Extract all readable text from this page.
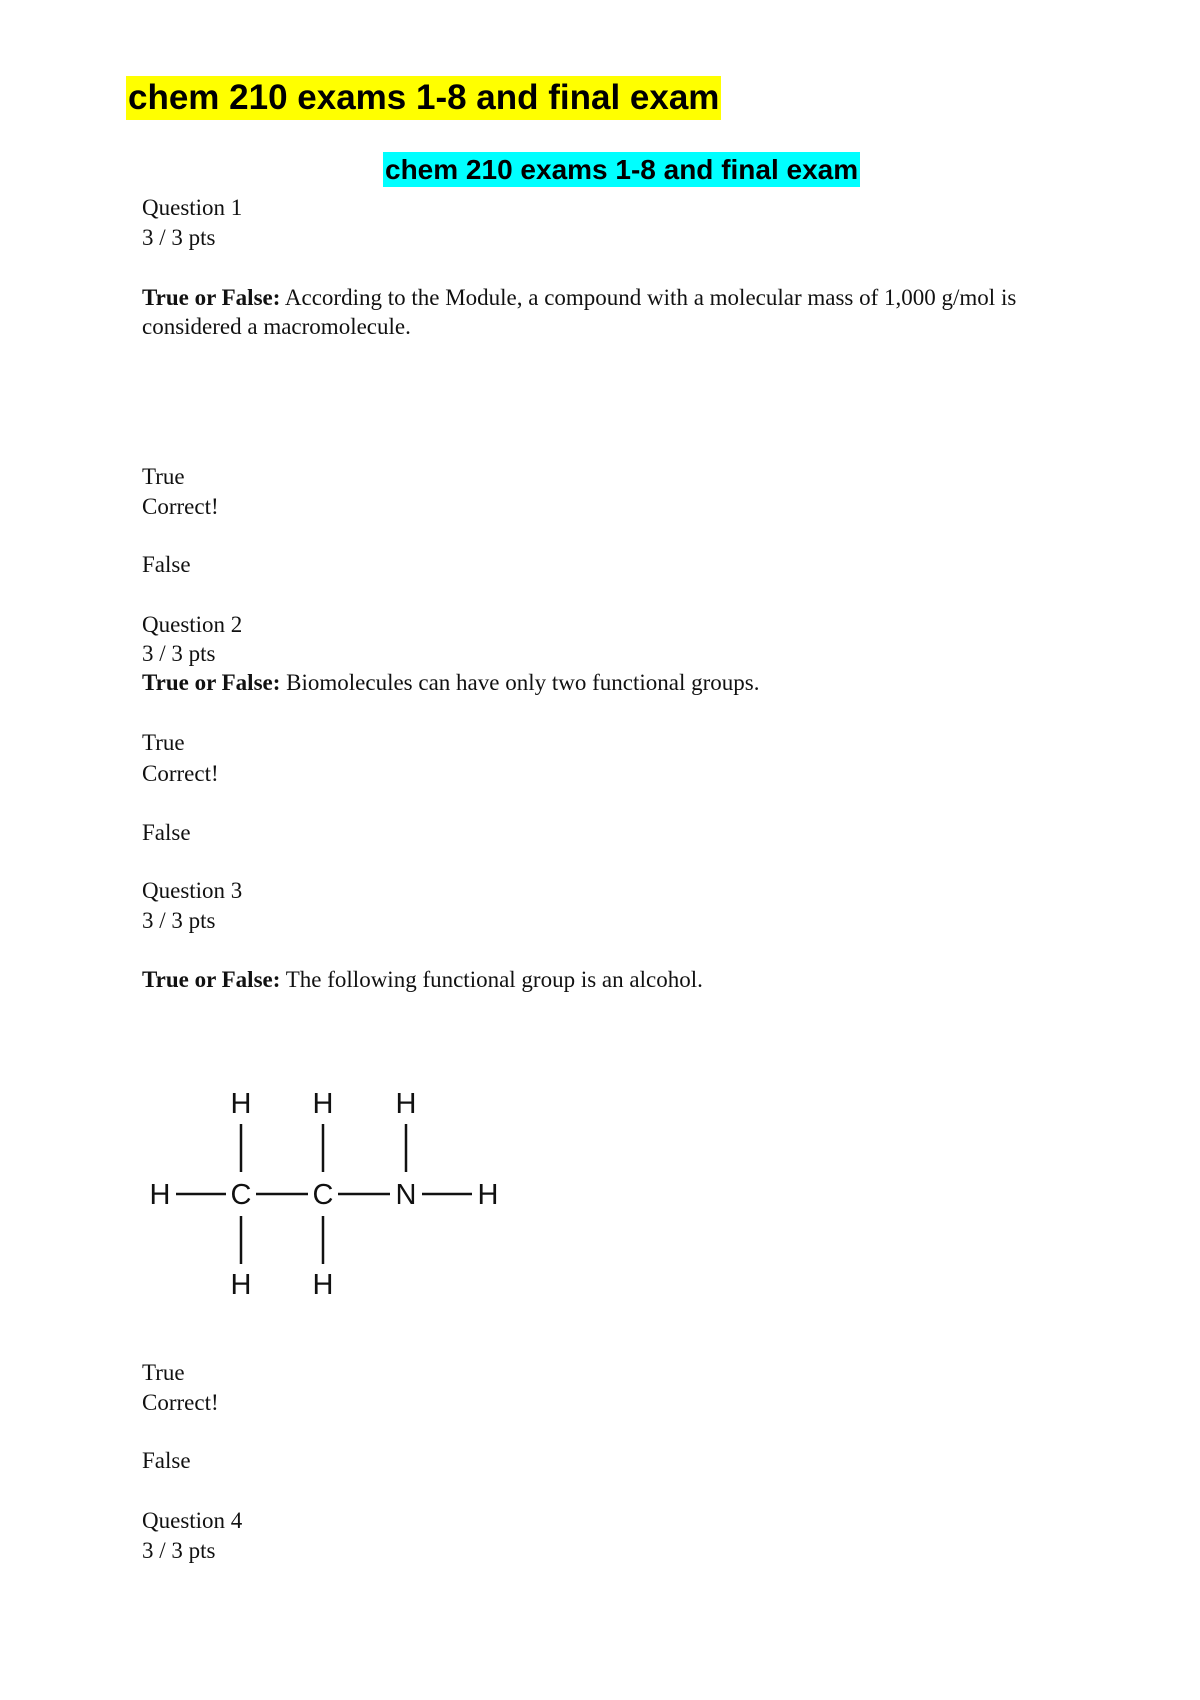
chem 210 exams 1-8 and final exam
chem 210 exams 1-8 and final exam
Question 1
3 / 3 pts
True or False: According to the Module, a compound with a molecular mass of 1,000 g/mol is considered a macromolecule.
True
Correct!
False
Question 2
3 / 3 pts
True or False: Biomolecules can have only two functional groups.
True
Correct!
False
Question 3
3 / 3 pts
True or False: The following functional group is an alcohol.
H C C N H
H H H
H H
True
Correct!
False
Question 4
3 / 3 pts
